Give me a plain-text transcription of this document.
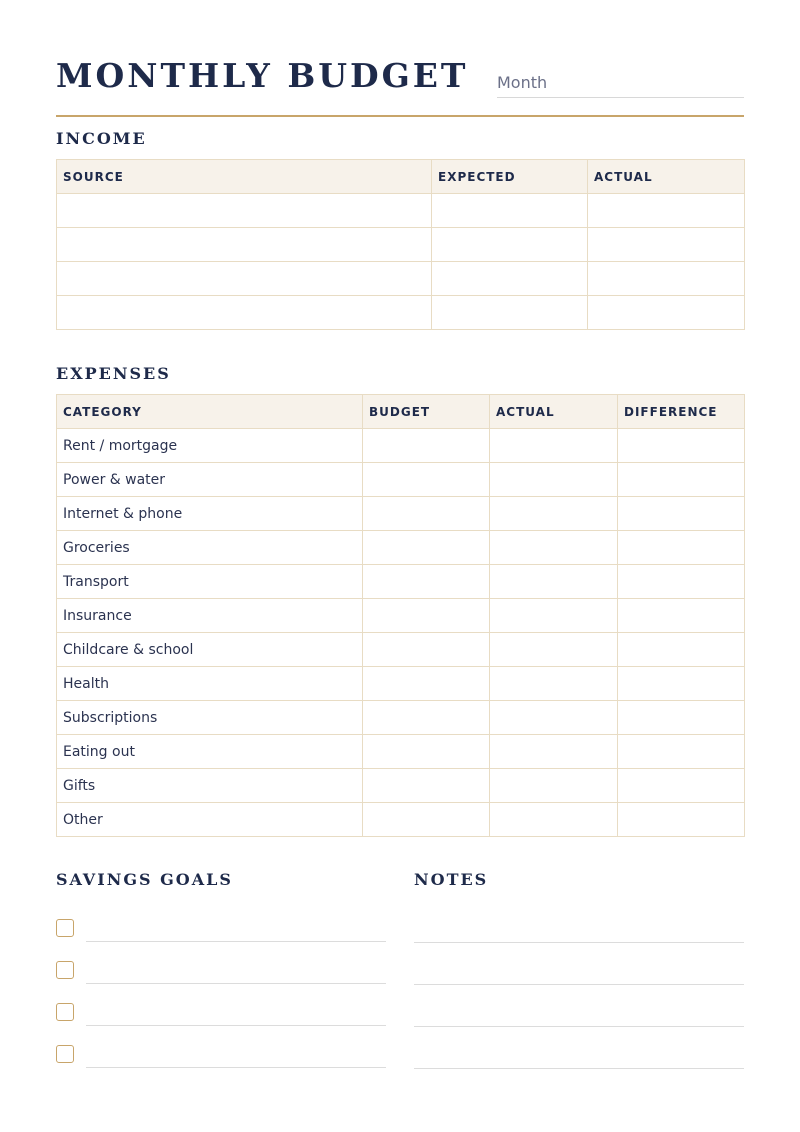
MONTHLY BUDGET Month
INCOME
SOURCE	EXPECTED	ACTUAL

EXPENSES
CATEGORY	BUDGET	ACTUAL	DIFFERENCE
Rent / mortgage			
Power & water			
Internet & phone			
Groceries			
Transport			
Insurance			
Childcare & school			
Health			
Subscriptions			
Eating out			
Gifts			
Other			
SAVINGS GOALS	NOTES
